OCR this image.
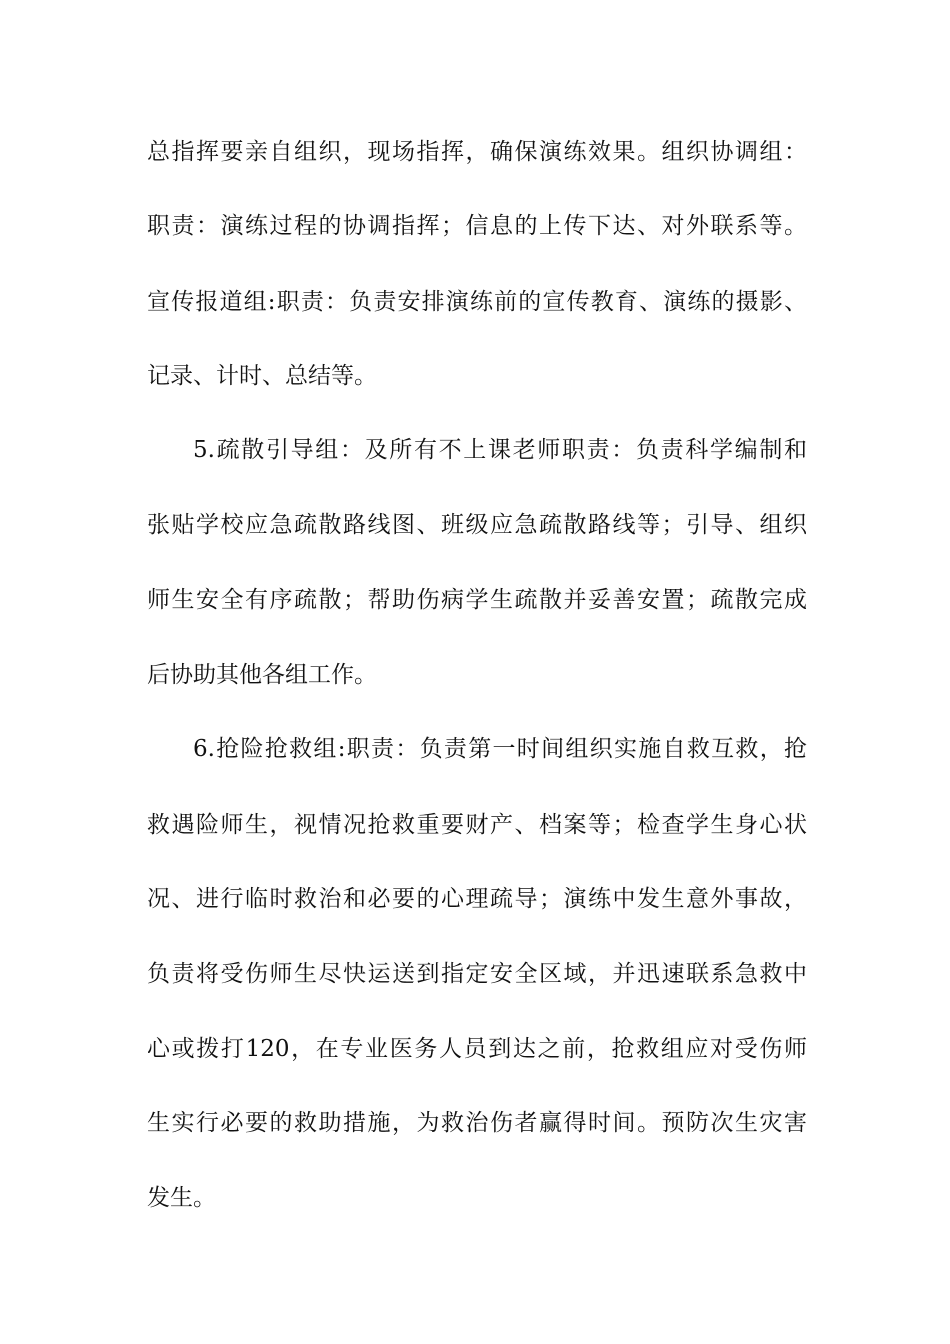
总指挥要亲自组织，现场指挥，确保演练效果。组织协调组：
职责：演练过程的协调指挥；信息的上传下达、对外联系等。
宣传报道组:职责：负责安排演练前的宣传教育、演练的摄影、
记录、计时、总结等。
5.疏散引导组：及所有不上课老师职责：负责科学编制和
张贴学校应急疏散路线图、班级应急疏散路线等；引导、组织
师生安全有序疏散；帮助伤病学生疏散并妥善安置；疏散完成
后协助其他各组工作。
6.抢险抢救组:职责：负责第一时间组织实施自救互救，抢
救遇险师生，视情况抢救重要财产、档案等；检查学生身心状
况、进行临时救治和必要的心理疏导；演练中发生意外事故，
负责将受伤师生尽快运送到指定安全区域，并迅速联系急救中
心或拨打120，在专业医务人员到达之前，抢救组应对受伤师
生实行必要的救助措施，为救治伤者赢得时间。预防次生灾害
发生。
